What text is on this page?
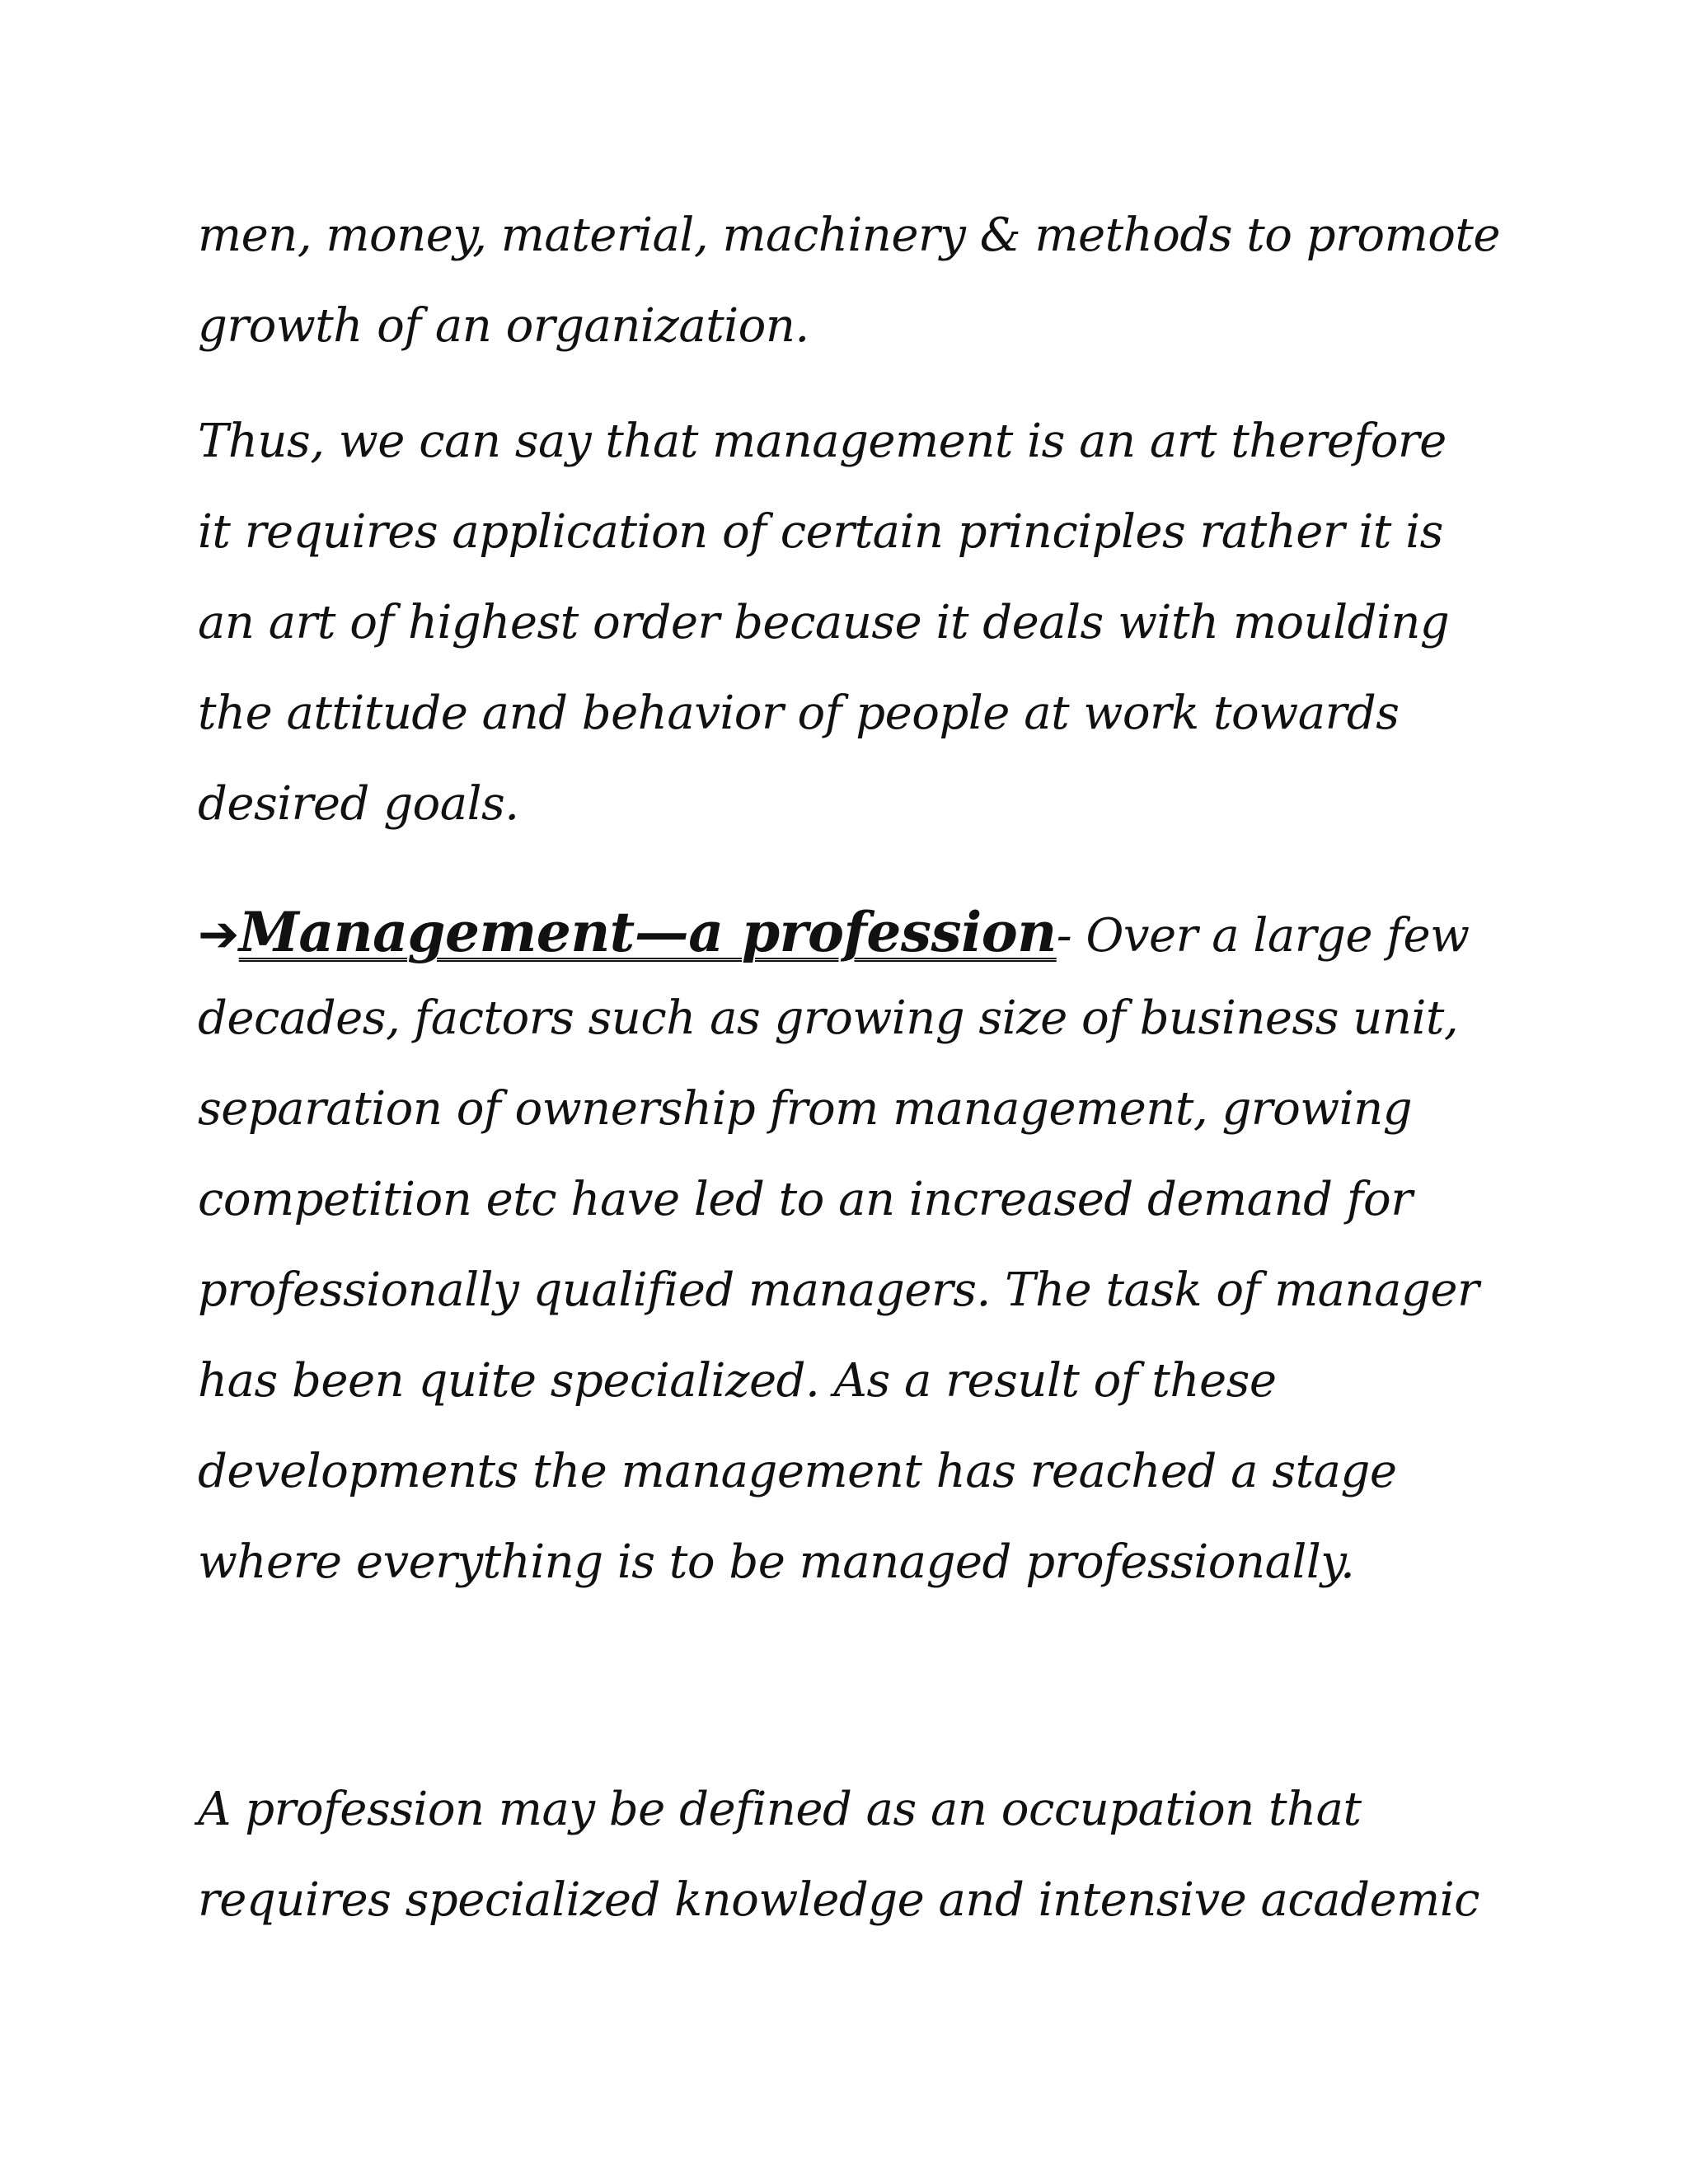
men, money, material, machinery & methods to promote
growth of an organization.
Thus, we can say that management is an art therefore
it requires application of certain principles rather it is
an art of highest order because it deals with moulding
the attitude and behavior of people at work towards
desired goals.
➔Management—a profession- Over a large few
decades, factors such as growing size of business unit,
separation of ownership from management, growing
competition etc have led to an increased demand for
professionally qualified managers. The task of manager
has been quite specialized. As a result of these
developments the management has reached a stage
where everything is to be managed professionally.
A profession may be defined as an occupation that
requires specialized knowledge and intensive academic
